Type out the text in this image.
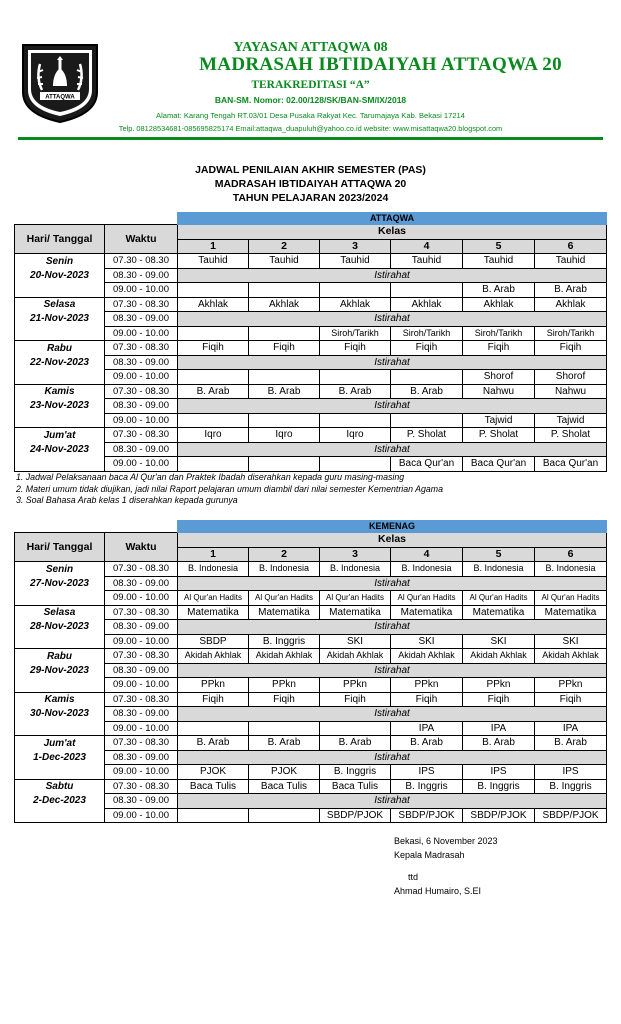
ATTAQWA
YAYASAN ATTAQWA 08
MADRASAH IBTIDAIYAH ATTAQWA 20
TERAKREDITASI “A”
BAN-SM. Nomor: 02.00/128/SK/BAN-SM/IX/2018
Alamat: Karang Tengah RT.03/01 Desa Pusaka Rakyat Kec. Tarumajaya Kab. Bekasi 17214
Telp. 08128534681-085695825174 Email:attaqwa_duapuluh@yahoo.co.id website: www.misattaqwa20.blogspot.com
JADWAL PENILAIAN AKHIR SEMESTER (PAS)
MADRASAH IBTIDAIYAH ATTAQWA 20
TAHUN PELAJARAN 2023/2024
		ATTAQWA					
Hari/ Tanggal	Waktu	Kelas					
		1	2	3	4	5	6
Senin	07.30 - 08.30	Tauhid	Tauhid	Tauhid	Tauhid	Tauhid	Tauhid
20-Nov-2023	08.30 - 09.00	Istirahat					
	09.00 - 10.00					B. Arab	B. Arab
Selasa	07.30 - 08.30	Akhlak	Akhlak	Akhlak	Akhlak	Akhlak	Akhlak
21-Nov-2023	08.30 - 09.00	Istirahat					
	09.00 - 10.00			Siroh/Tarikh	Siroh/Tarikh	Siroh/Tarikh	Siroh/Tarikh
Rabu	07.30 - 08.30	Fiqih	Fiqih	Fiqih	Fiqih	Fiqih	Fiqih
22-Nov-2023	08.30 - 09.00	Istirahat					
	09.00 - 10.00					Shorof	Shorof
Kamis	07.30 - 08.30	B. Arab	B. Arab	B. Arab	B. Arab	Nahwu	Nahwu
23-Nov-2023	08.30 - 09.00	Istirahat					
	09.00 - 10.00					Tajwid	Tajwid
Jum'at	07.30 - 08.30	Iqro	Iqro	Iqro	P. Sholat	P. Sholat	P. Sholat
24-Nov-2023	08.30 - 09.00	Istirahat					
	09.00 - 10.00				Baca Qur'an	Baca Qur'an	Baca Qur'an
1. Jadwal Pelaksanaan baca Al Qur'an dan Praktek Ibadah diserahkan kepada guru masing-masing
2. Materi umum tidak diujikan, jadi nilai Raport pelajaran umum diambil dari nilai semester Kementrian Agama
3. Soal Bahasa Arab kelas 1 diserahkan kepada gurunya
		KEMENAG					
Hari/ Tanggal	Waktu	Kelas					
		1	2	3	4	5	6
Senin	07.30 - 08.30	B. Indonesia	B. Indonesia	B. Indonesia	B. Indonesia	B. Indonesia	B. Indonesia
27-Nov-2023	08.30 - 09.00	Istirahat					
	09.00 - 10.00	Al Qur'an Hadits	Al Qur'an Hadits	Al Qur'an Hadits	Al Qur'an Hadits	Al Qur'an Hadits	Al Qur'an Hadits
Selasa	07.30 - 08.30	Matematika	Matematika	Matematika	Matematika	Matematika	Matematika
28-Nov-2023	08.30 - 09.00	Istirahat					
	09.00 - 10.00	SBDP	B. Inggris	SKI	SKI	SKI	SKI
Rabu	07.30 - 08.30	Akidah Akhlak	Akidah Akhlak	Akidah Akhlak	Akidah Akhlak	Akidah Akhlak	Akidah Akhlak
29-Nov-2023	08.30 - 09.00	Istirahat					
	09.00 - 10.00	PPkn	PPkn	PPkn	PPkn	PPkn	PPkn
Kamis	07.30 - 08.30	Fiqih	Fiqih	Fiqih	Fiqih	Fiqih	Fiqih
30-Nov-2023	08.30 - 09.00	Istirahat					
	09.00 - 10.00				IPA	IPA	IPA
Jum'at	07.30 - 08.30	B. Arab	B. Arab	B. Arab	B. Arab	B. Arab	B. Arab
1-Dec-2023	08.30 - 09.00	Istirahat					
	09.00 - 10.00	PJOK	PJOK	B. Inggris	IPS	IPS	IPS
Sabtu	07.30 - 08.30	Baca Tulis	Baca Tulis	Baca Tulis	B. Inggris	B. Inggris	B. Inggris
2-Dec-2023	08.30 - 09.00	Istirahat					
	09.00 - 10.00			SBDP/PJOK	SBDP/PJOK	SBDP/PJOK	SBDP/PJOK
Bekasi, 6 November 2023
Kepala Madrasah
ttd
Ahmad Humairo, S.EI
